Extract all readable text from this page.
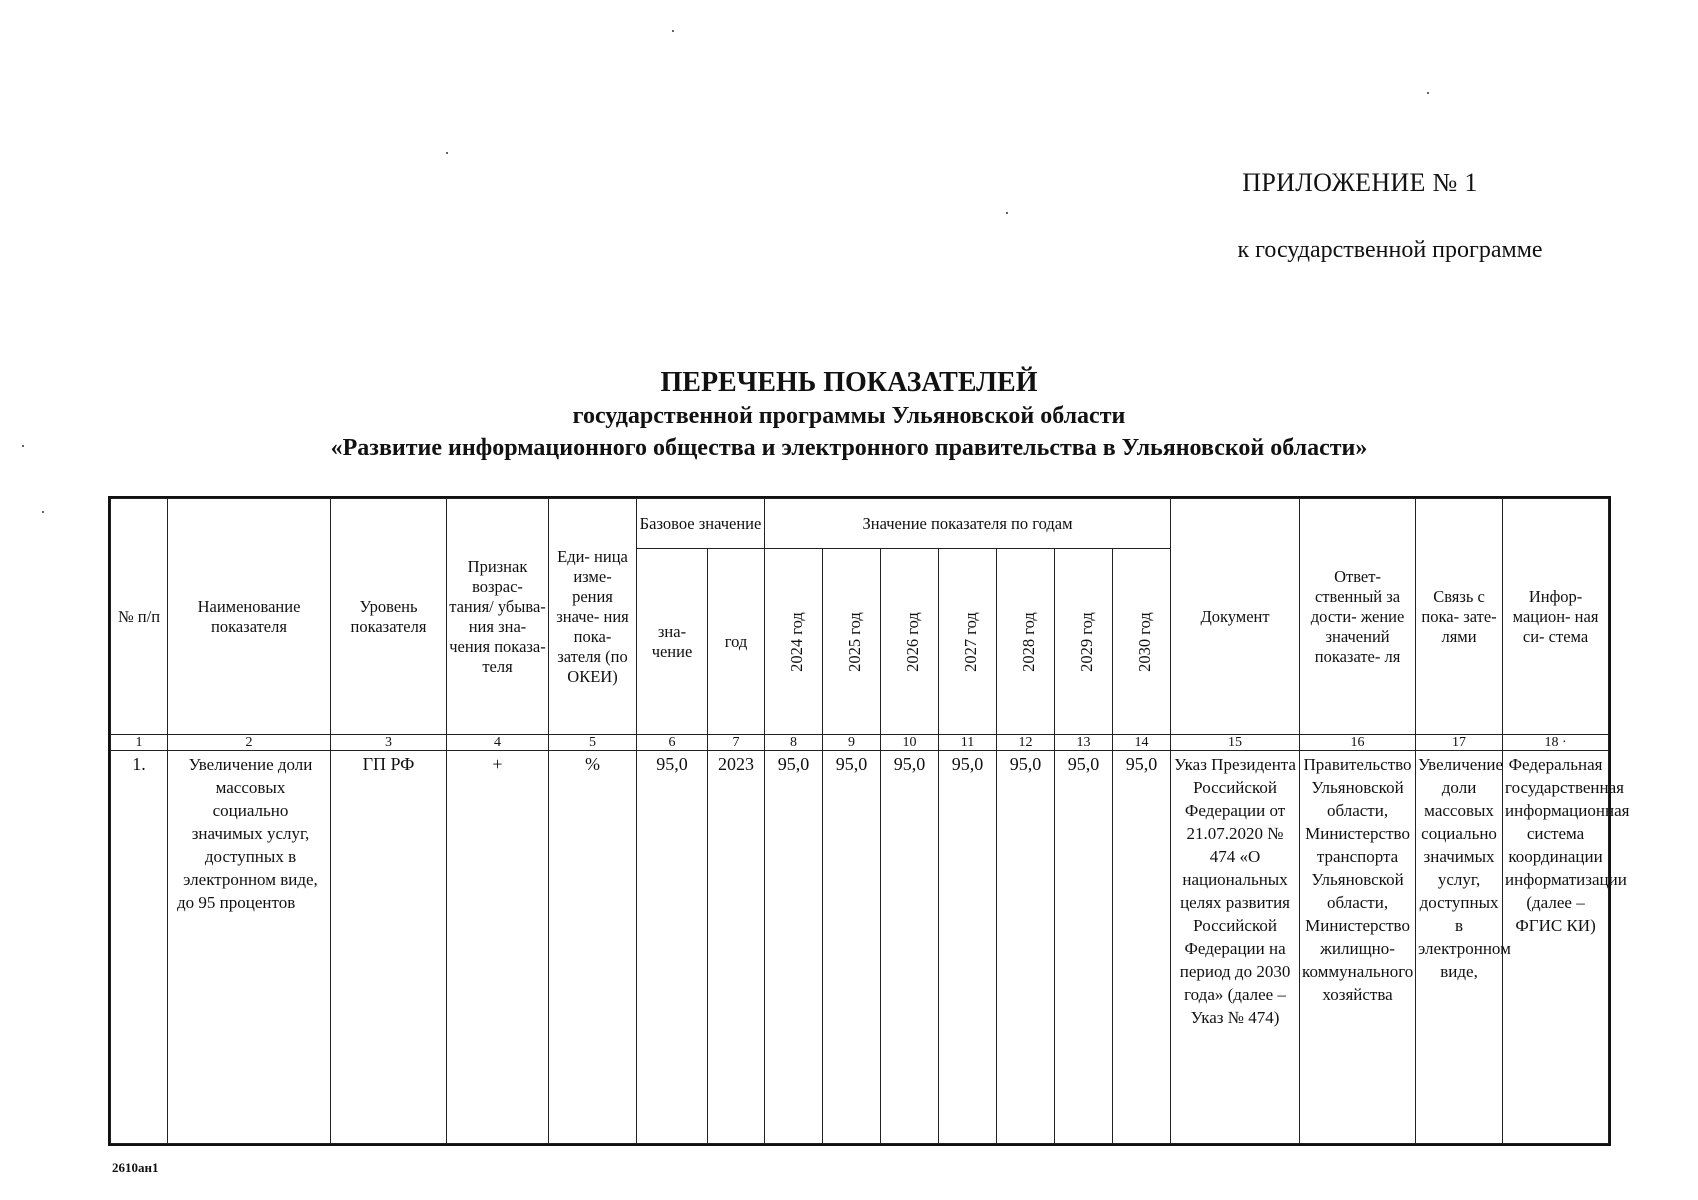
ПРИЛОЖЕНИЕ № 1
к государственной программе
ПЕРЕЧЕНЬ ПОКАЗАТЕЛЕЙ
государственной программы Ульяновской области
«Развитие информационного общества и электронного правительства в Ульяновской области»
№ п/п	Наименование показателя	Уровень показателя	Признак возрас- тания/ убыва- ния зна- чения показа- теля	Еди- ница изме- рения значе- ния пока- зателя (по ОКЕИ)	Базовое значение		Значение показателя по годам							Документ	Ответ- ственный за дости- жение значений показате- ля	Связь с пока- зате- лями	Инфор- мацион- ная си- стема
					зна- чение	год	2024 год	2025 год	2026 год	2027 год	2028 год	2029 год	2030 год				
1	2	3	4	5	6	7	8	9	10	11	12	13	14	15	16	17	18 ·
1.	Увеличение доли массовых социально значимых услуг, доступных в электронном виде, до 95 процентов	ГП РФ	+	%	95,0	2023	95,0	95,0	95,0	95,0	95,0	95,0	95,0	Указ Президента Российской Федерации от 21.07.2020 № 474 «О национальных целях развития Российской Федерации на период до 2030 года» (далее – Указ № 474)	Правительство Ульяновской области, Министерство транспорта Ульяновской области, Министерство жилищно-коммунального хозяйства	Увеличение доли массовых социально значимых услуг, доступных в электронном виде,	Федеральная государственная информационная система координации информатизации (далее – ФГИС КИ)
2610ан1
